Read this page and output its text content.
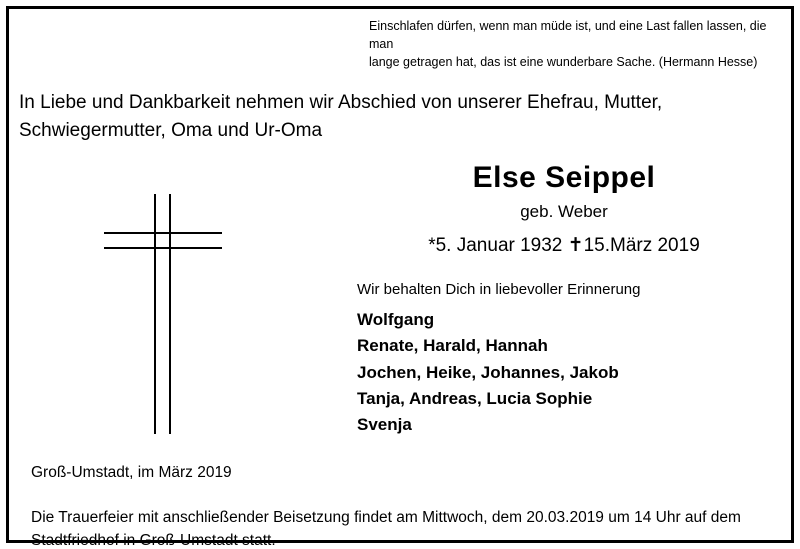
Einschlafen dürfen, wenn man müde ist, und eine Last fallen lassen, die man
lange getragen hat, das ist eine wunderbare Sache. (Hermann Hesse)
In Liebe und Dankbarkeit nehmen wir Abschied von unserer Ehefrau, Mutter,
Schwiegermutter, Oma und Ur-Oma
Else Seippel
geb. Weber
*5. Januar 1932 ✝15.März 2019
Wir behalten Dich in liebevoller Erinnerung
Wolfgang
Renate, Harald, Hannah
Jochen, Heike, Johannes, Jakob
Tanja, Andreas, Lucia Sophie
Svenja
Groß-Umstadt, im März 2019
Die Trauerfeier mit anschließender Beisetzung findet am Mittwoch, dem 20.03.2019 um 14 Uhr auf dem
Stadtfriedhof in Groß-Umstadt statt.
